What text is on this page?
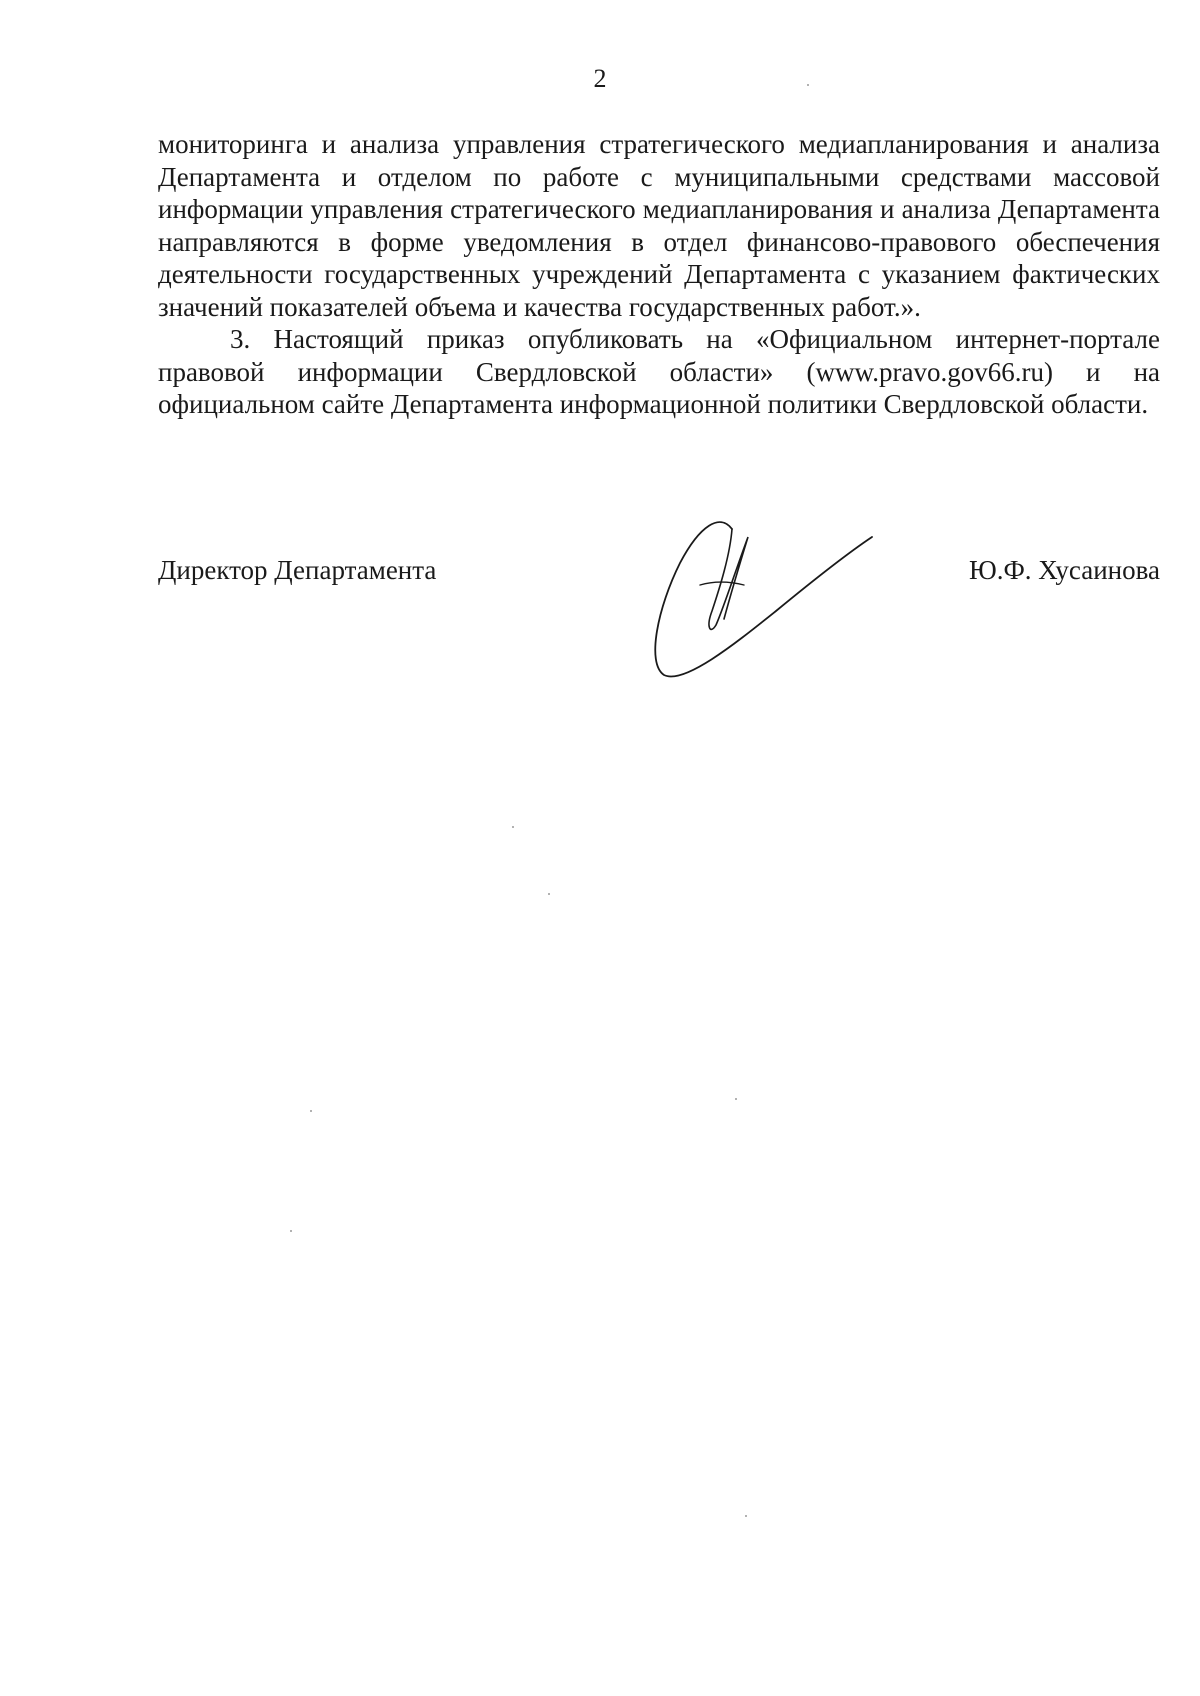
2

мониторинга и анализа управления стратегического медиапланирования и анализа Департамента и отделом по работе с муниципальными средствами массовой информации управления стратегического медиапланирования и анализа Департамента направляются в форме уведомления в отдел финансово-правового обеспечения деятельности государственных учреждений Департамента с указанием фактических значений показателей объема и качества государственных работ.».

3. Настоящий приказ опубликовать на «Официальном интернет-портале правовой информации Свердловской области» (www.pravo.gov66.ru) и на официальном сайте Департамента информационной политики Свердловской области.

Директор Департамента	Ю.Ф. Хусаинова
